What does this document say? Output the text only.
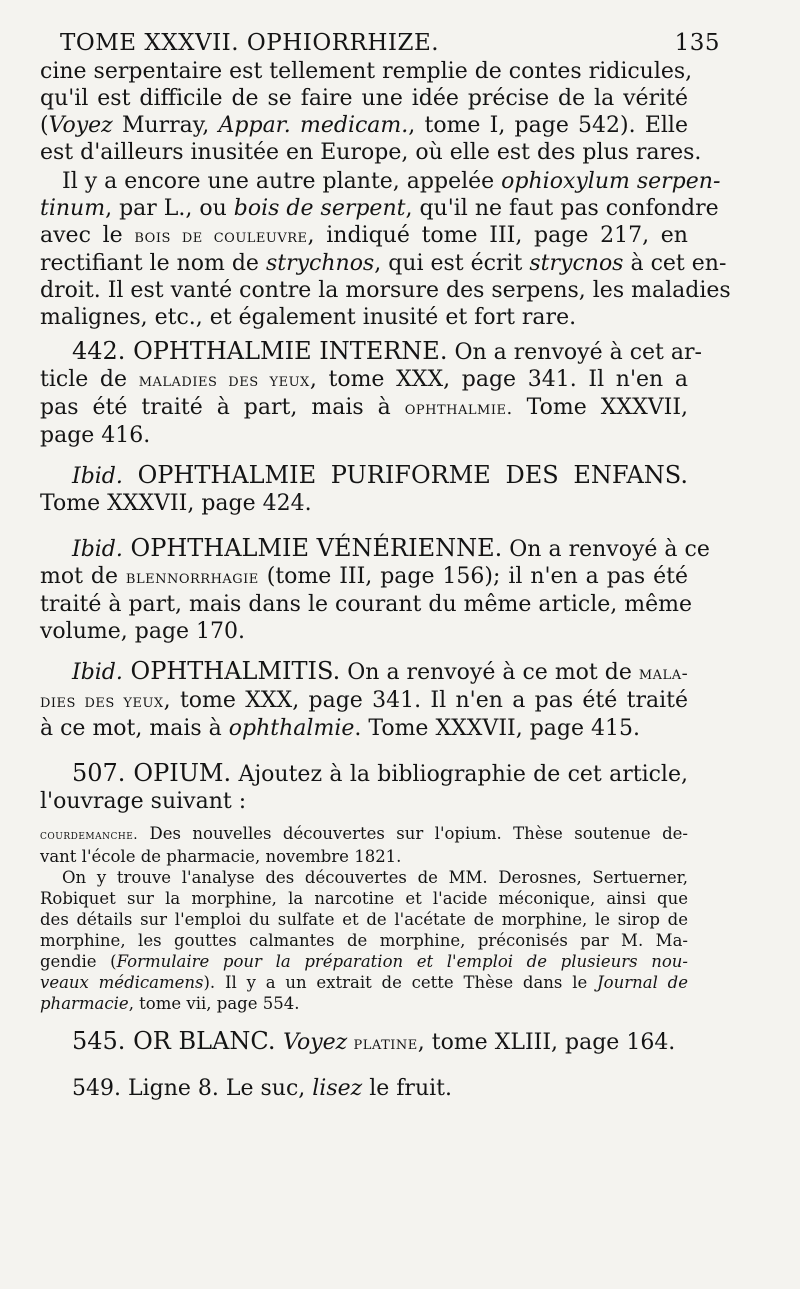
TOME XXXVII. OPHIORRHIZE.	135
cine serpentaire est tellement remplie de contes ridicules,
qu'il est difficile de se faire une idée précise de la vérité
(Voyez Murray, Appar. medicam., tome I, page 542). Elle
est d'ailleurs inusitée en Europe, où elle est des plus rares.
Il y a encore une autre plante, appelée ophioxylum serpen-
tinum, par L., ou bois de serpent, qu'il ne faut pas confondre
avec le bois de couleuvre, indiqué tome III, page 217, en
rectifiant le nom de strychnos, qui est écrit strycnos à cet en-
droit. Il est vanté contre la morsure des serpens, les maladies
malignes, etc., et également inusité et fort rare.
442. OPHTHALMIE INTERNE. On a renvoyé à cet ar-
ticle de maladies des yeux, tome XXX, page 341. Il n'en a
pas été traité à part, mais à ophthalmie. Tome XXXVII,
page 416.
Ibid. OPHTHALMIE PURIFORME DES ENFANS.
Tome XXXVII, page 424.
Ibid. OPHTHALMIE VÉNÉRIENNE. On a renvoyé à ce
mot de blennorrhagie (tome III, page 156); il n'en a pas été
traité à part, mais dans le courant du même article, même
volume, page 170.
Ibid. OPHTHALMITIS. On a renvoyé à ce mot de mala-
dies des yeux, tome XXX, page 341. Il n'en a pas été traité
à ce mot, mais à ophthalmie. Tome XXXVII, page 415.
507. OPIUM. Ajoutez à la bibliographie de cet article,
l'ouvrage suivant :
courdemanche. Des nouvelles découvertes sur l'opium. Thèse soutenue de-
vant l'école de pharmacie, novembre 1821.
On y trouve l'analyse des découvertes de MM. Derosnes, Sertuerner,
Robiquet sur la morphine, la narcotine et l'acide méconique, ainsi que
des détails sur l'emploi du sulfate et de l'acétate de morphine, le sirop de
morphine, les gouttes calmantes de morphine, préconisés par M. Ma-
gendie (Formulaire pour la préparation et l'emploi de plusieurs nou-
veaux médicamens). Il y a un extrait de cette Thèse dans le Journal de
pharmacie, tome vii, page 554.
545. OR BLANC. Voyez platine, tome XLIII, page 164.
549. Ligne 8. Le suc, lisez le fruit.
